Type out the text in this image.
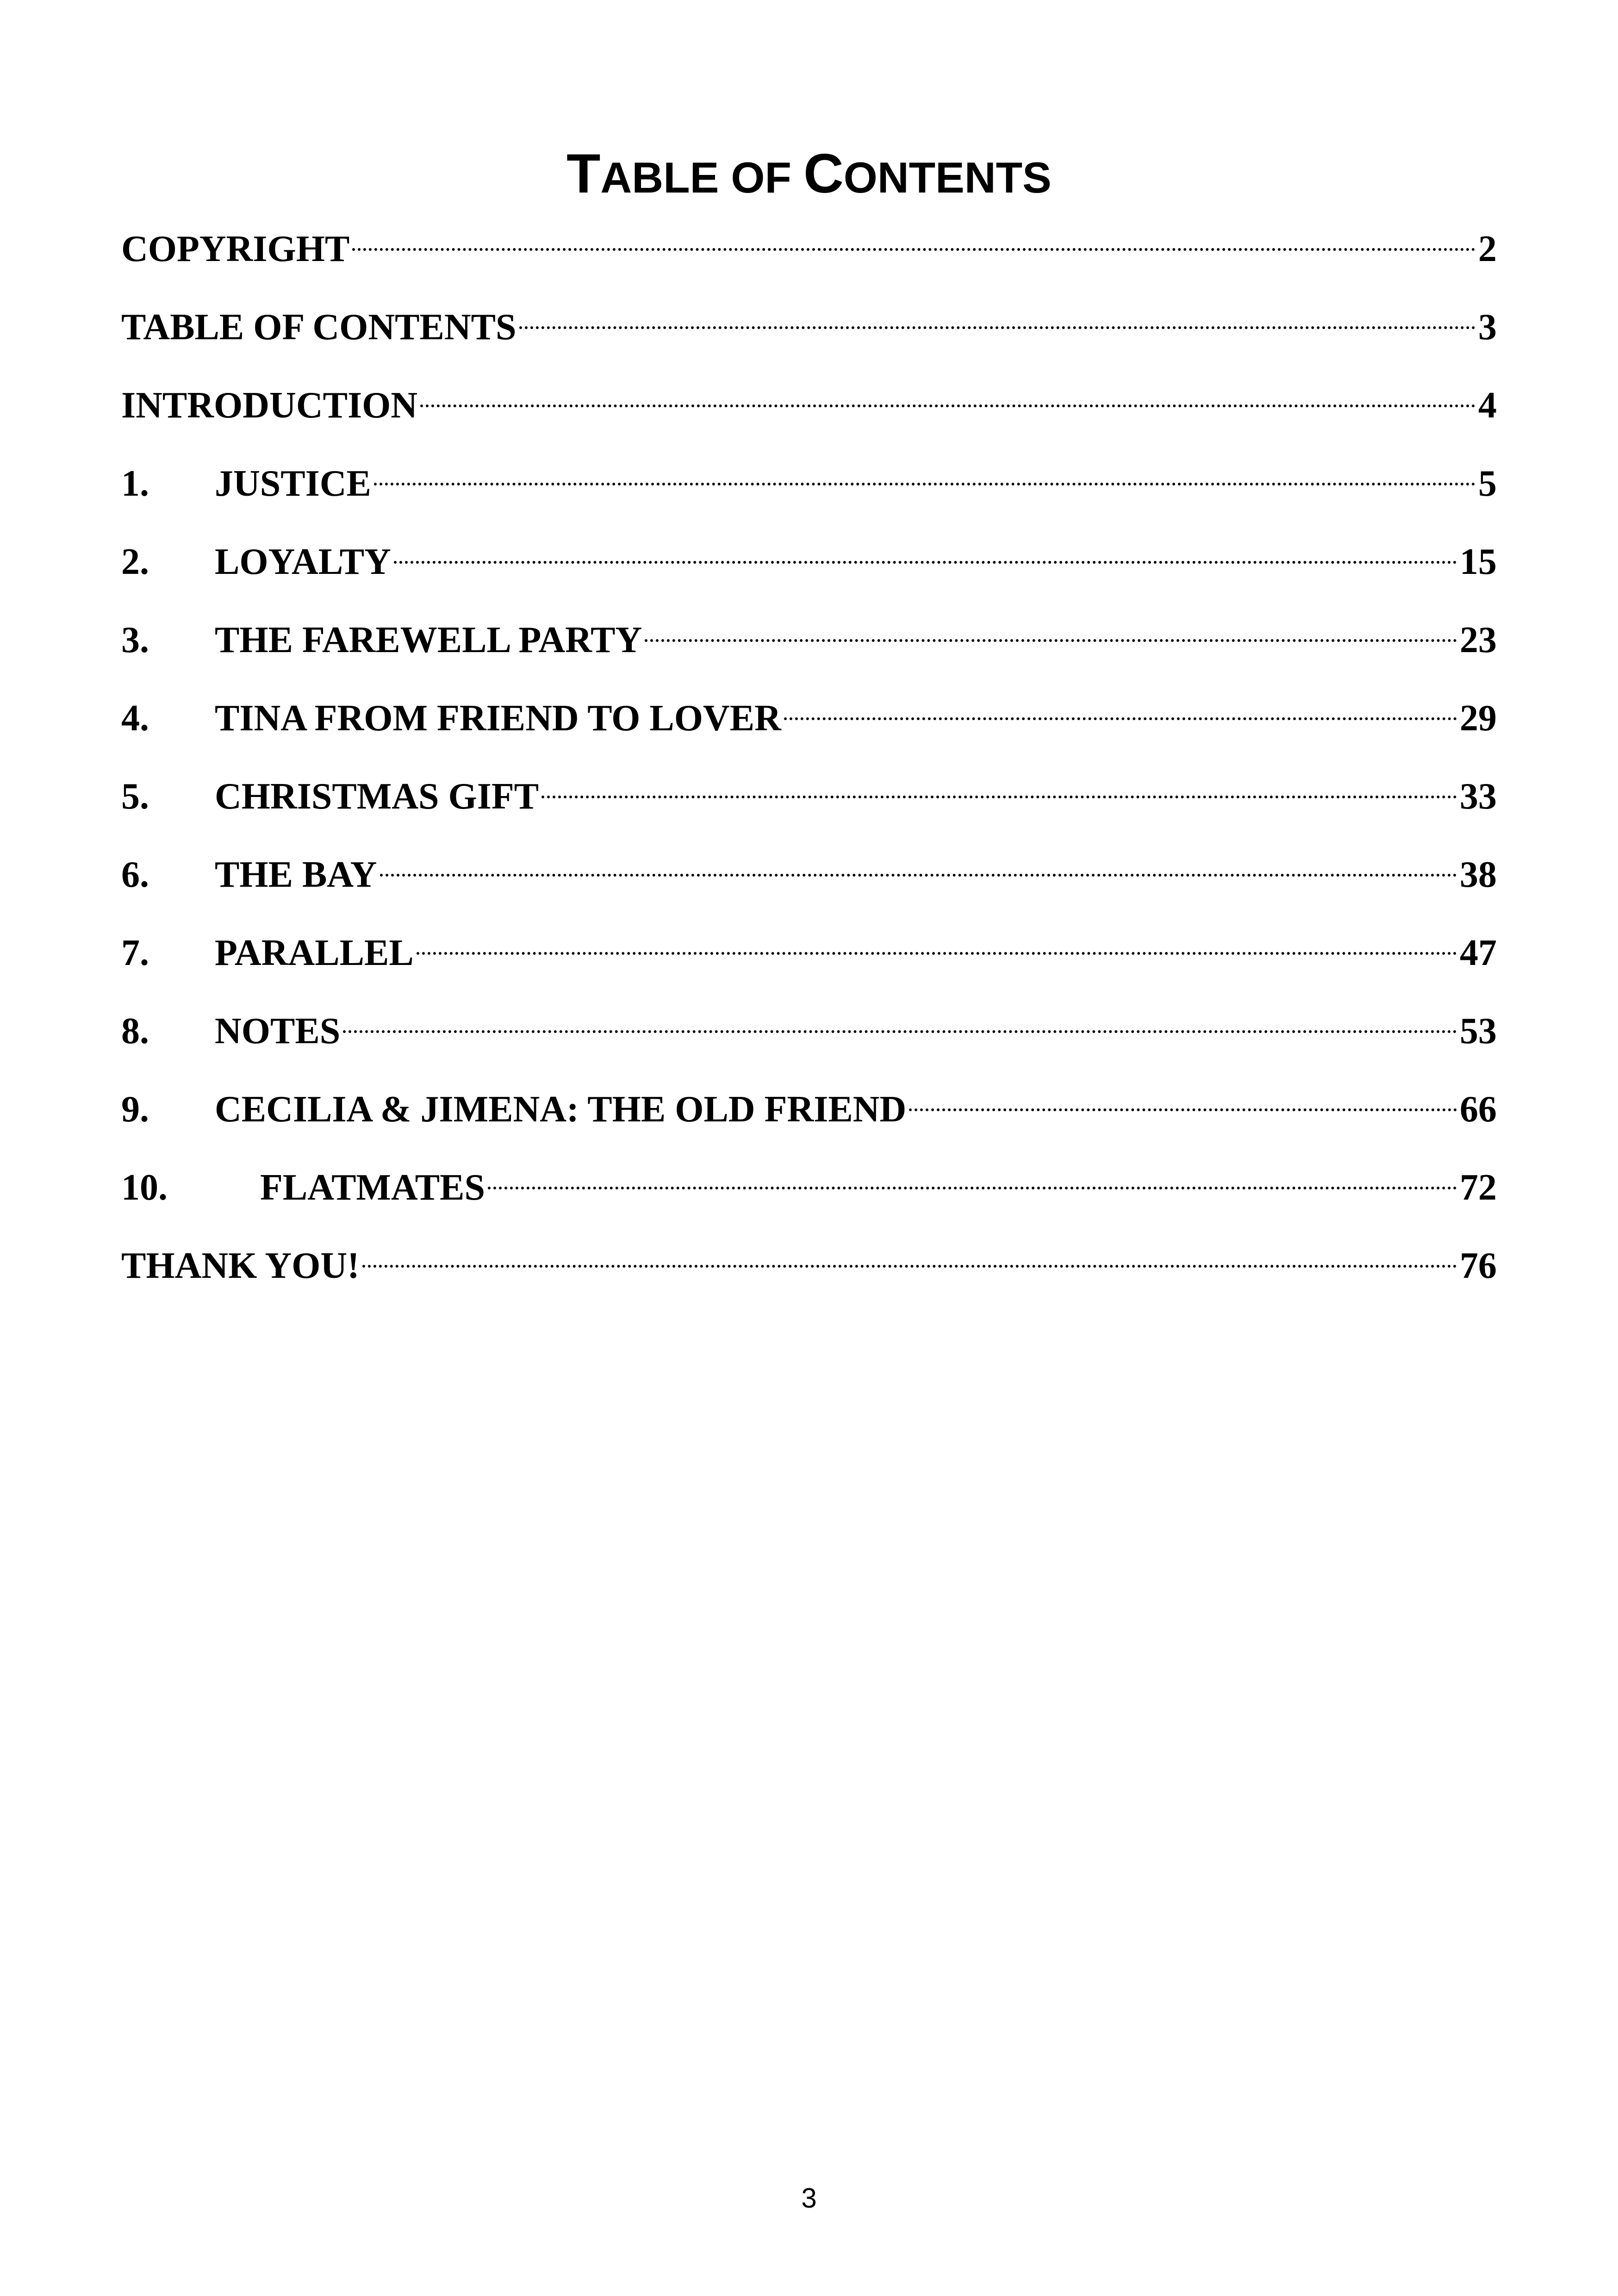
TABLE OF CONTENTS
COPYRIGHT	2
TABLE OF CONTENTS	3
INTRODUCTION	4
1.	JUSTICE	5
2.	LOYALTY	15
3.	THE FAREWELL PARTY	23
4.	TINA FROM FRIEND TO LOVER	29
5.	CHRISTMAS GIFT	33
6.	THE BAY	38
7.	PARALLEL	47
8.	NOTES	53
9.	CECILIA & JIMENA: THE OLD FRIEND	66
10.	FLATMATES	72
THANK YOU!	76
3
